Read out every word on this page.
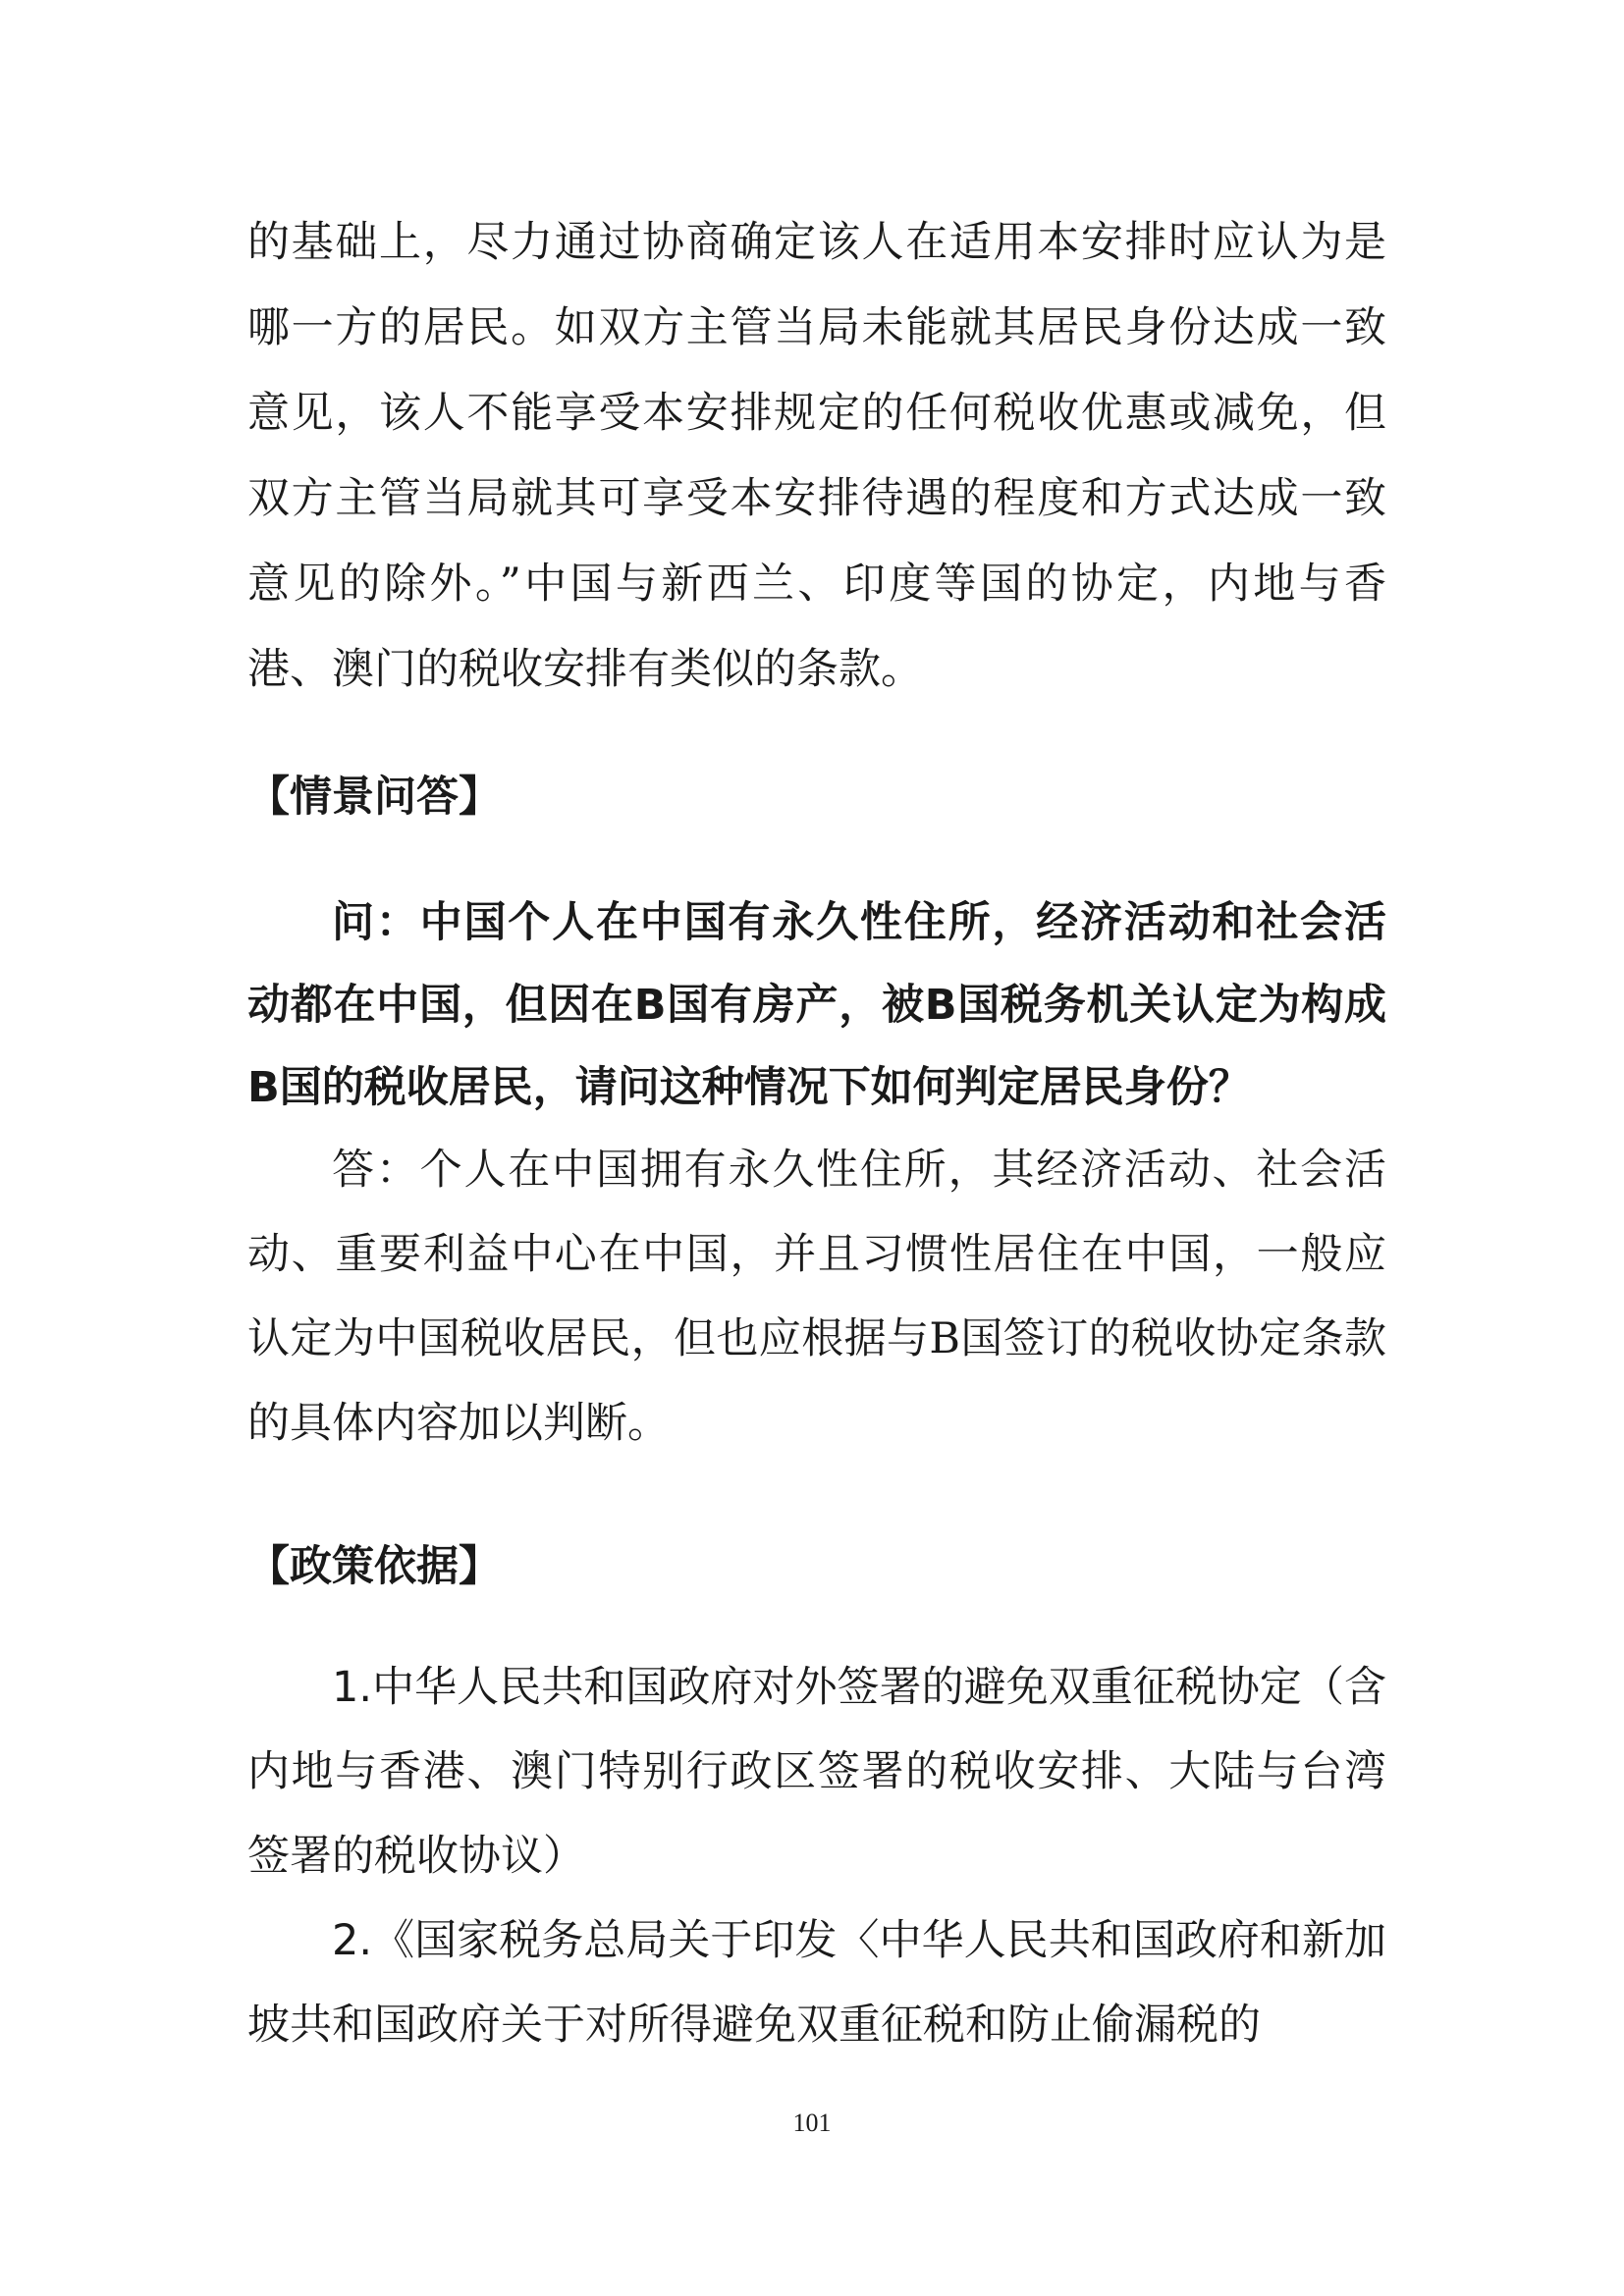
的基础上，尽力通过协商确定该人在适用本安排时应认为是哪一方的居民。如双方主管当局未能就其居民身份达成一致意见，该人不能享受本安排规定的任何税收优惠或减免，但双方主管当局就其可享受本安排待遇的程度和方式达成一致意见的除外。”中国与新西兰、印度等国的协定，内地与香港、澳门的税收安排有类似的条款。

【情景问答】

问：中国个人在中国有永久性住所，经济活动和社会活动都在中国，但因在B国有房产，被B国税务机关认定为构成B国的税收居民，请问这种情况下如何判定居民身份？

答：个人在中国拥有永久性住所，其经济活动、社会活动、重要利益中心在中国，并且习惯性居住在中国，一般应认定为中国税收居民，但也应根据与B国签订的税收协定条款的具体内容加以判断。

【政策依据】

1.中华人民共和国政府对外签署的避免双重征税协定（含内地与香港、澳门特别行政区签署的税收安排、大陆与台湾签署的税收协议）

2.《国家税务总局关于印发〈中华人民共和国政府和新加坡共和国政府关于对所得避免双重征税和防止偷漏税的

101
